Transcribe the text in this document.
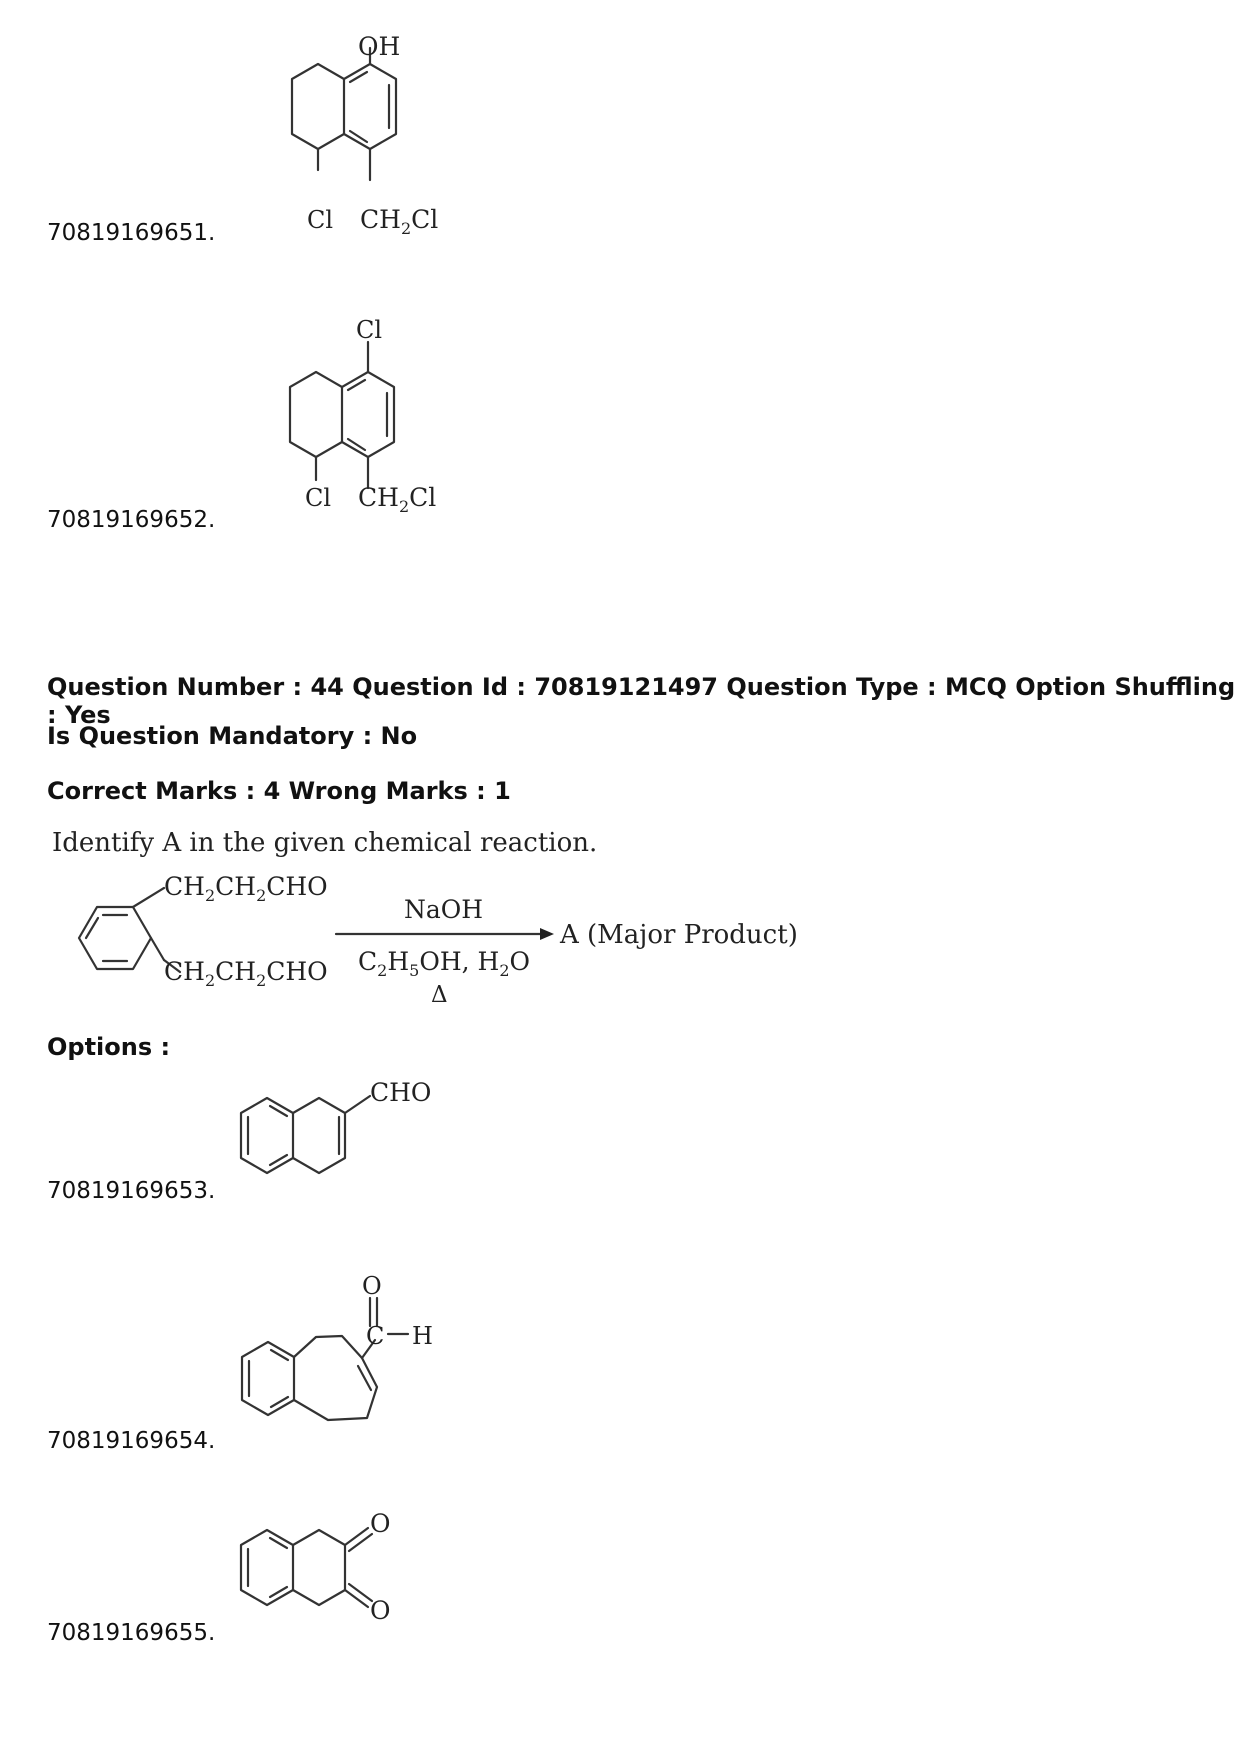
70819169651.
OH
Cl $CH_2Cl$
70819169652.
Cl
Cl $CH_2Cl$
Question Number : 44 Question Id : 70819121497 Question Type : MCQ Option Shuffling : Yes
Is Question Mandatory : No
Correct Marks : 4 Wrong Marks : 1
Identify A in the given chemical reaction.
$CH_2CH_2CHO$
$CH_2CH_2CHO$
NaOH
$C_2H_5OH$, $H_2O$
Δ
A (Major Product)
Options :
70819169653.
CHO
70819169654.
O
C H
70819169655.
O
O
